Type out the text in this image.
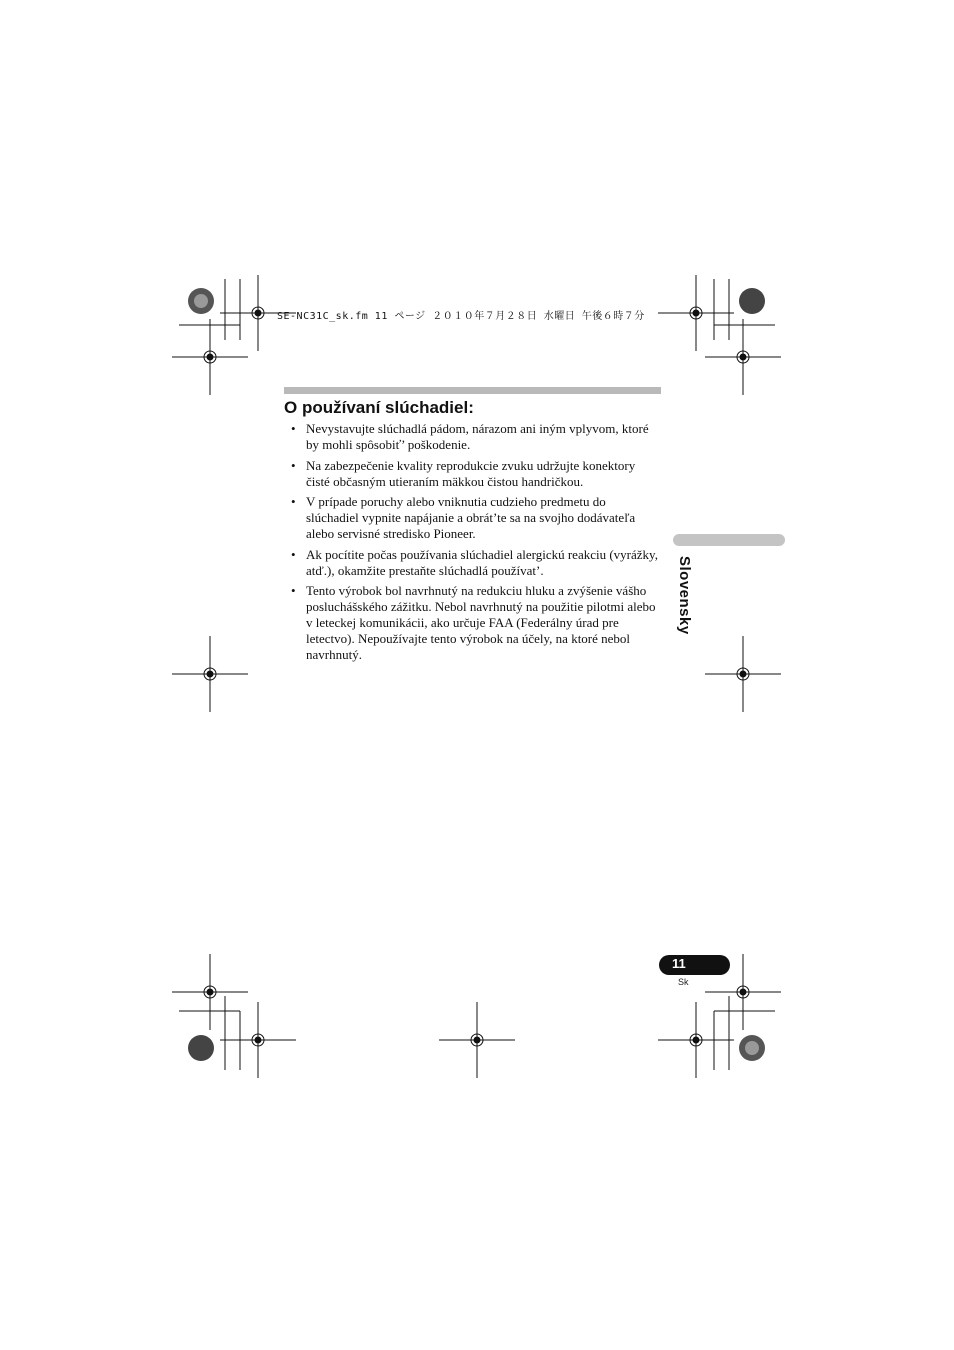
SE-NC31C_sk.fm 11 ページ ２０１０年７月２８日 水曜日 午後６時７分
O používaní slúchadiel:
• Nevystavujte slúchadlá pádom, nárazom ani iným vplyvom, ktoré by mohli spôsobiť’ poškodenie.
• Na zabezpečenie kvality reprodukcie zvuku udržujte konektory čisté občasným utieraním mäkkou čistou handričkou.
• V prípade poruchy alebo vniknutia cudzieho predmetu do slúchadiel vypnite napájanie a obrát’te sa na svojho dodávateľa alebo servisné stredisko Pioneer.
• Ak pocítite počas používania slúchadiel alergickú reakciu (vyrážky, atď.), okamžite prestaňte slúchadlá používat’.
• Tento výrobok bol navrhnutý na redukciu hluku a zvýšenie vášho posluchášského zážitku. Nebol navrhnutý na použitie pilotmi alebo v leteckej komunikácii, ako určuje FAA (Federálny úrad pre letectvo). Nepoužívajte tento výrobok na účely, na ktoré nebol navrhnutý.
Slovensky
11
Sk
